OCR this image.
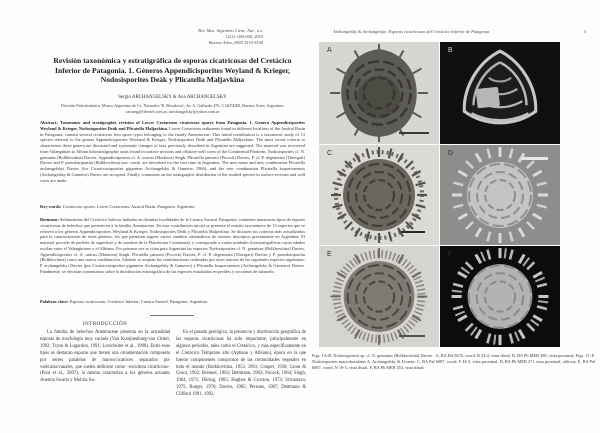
Rev. Mus. Argentino Cienc. Nat., n.s.
12(1): 000-000, 2010
Buenos Aires, ISSN 1514-5158
Archangelsky & Archangelsky: Esporas cicatricosas del Cretácico Inferior de Patagonia	3
Revisión taxonómica y estratigráfica de esporas cicatricosas del Cretácico Inferior de Patagonia. 1. Géneros Appendicisporites Weyland & Krieger, Nodosisporites Deák y Plicatella Maljavkina
Sergio ARCHANGELSKY & Ana ARCHANGELSKY
División Paleobotánica, Museo Argentino de Cs. Naturales 'B. Rivadavia', Av. A. Gallardo 470, C1405DJR, Buenos Aires, Argentina. sarcang@fibertel.com.ar, aarchangelsky@yahoo.com.ar

Abstract: Taxonomic and stratigraphic revision of Lower Cretaceous cicatricose spores from Patagonia. 1. Genera Appendicisporites Weyland & Krieger, Nodosisporites Deák and Plicatella Maljavkina.Lower Cretaceous sediments found in different localities of the Austral Basin in Patagonia, contain several cicatricose fern spore types belonging to the family Anemiaceae. This initial contribution is a taxonomic study of 13 species referred to the genera Appendicisporites Weyland & Krieger, Nodosisporites Deák and Plicatella Maljavkina. The most recent criteria to characterize these genera are discussed and systematic changes of taxa previously described in Argentina are suggested. The material was recovered from Valanginian to Albian lithostratigraphic units found in surface sections and offshore well cores of the Continental Platform. Nodosisporites cf. N. genuinus (Bolkhovitina) Davies, Appendicisporites cf. A. unicus (Markova) Singh, Plicatella jansonii (Pocock) Davies, P. cf. P. degenerata (Thiergart) Davies and P. pseudotripartita (Bolkhovitina) nov. comb. are described for the first time in Argentina. The new name and new combination Plicatella archangelskyi Davies (for Cicatricosisporites giganteus Archangelsky & Gamerro 1966), and the new combination Plicatella boqueronensis (Archangelsky & Gamerro) Davies are accepted. Finally, comments on the stratigraphic distribution of the studied species in surface sections and well cores are made.

Key words:Cicatricose spores, Lower Cretaceous, Austral Basin, Patagonia, Argentina.

Resumen:Sedimentitas del Cretácico Inferior halladas en distintas localidades de la Cuenca Austral, Patagonia, contienen numerosos tipos de esporas cicatricosas de helechos que pertenecen a la familia Anemiaceae. En esta contribución inicial se presenta el estudio taxonómico de 13 especies que se refieren a los géneros Appendicisporites Weyland & Krieger, Nodosisporites Deák y Plicatella Maljavkina. Se discuten los criterios más actualizados para la caracterización de estos géneros, los que permiten sugerir varios cambios sistemáticos de taxones descriptos previamente en Argentina. El material procede de perfiles de superficie y de sondeos de la Plataforma Continental, y corresponde a varias unidades litoestratigráficas cuyas edades oscilan entre el Valanginiano y el Albiano. Por primera vez se citan para Argentina las especies Nodosisporites cf. N. genuinus (Bolkhovitina) Davies, Appendicisporites cf. A. unicus (Markova) Singh, Plicatella jansonii (Pocock) Davies, P. cf. P. degenerata (Thiergart) Davies y P. pseudotripartita (Bolkhovitina) como una nueva combinación. Además se aceptan las combinaciones realizadas por otros autores de las siguientes especies argentinas: P. archangelskyi Davies (por Cicatricosisporites giganteus Archangelsky & Gamerro) y Plicatella boqueronensis (Archangelsky & Gamerro) Davies. Finalmente, se efectúan comentarios sobre la distribución estratigráfica de las especies estudiadas en perfiles y secciones de subsuelo.

Palabras clave:Esporas cicatricosas, Cretácico Inferior, Cuenca Austral, Patagonia, Argentina.

INTRODUCCIÓN

La familia de helechos Anemiaceae presenta en la actualidad esporas de morfología muy variada (Van Konijnenburg-van Cittert, 1992; Tryon & Lugardon, 1991; Lorscheiter et al., 1998). Entre esos tipos se destacan esporas que tienen una ornamentación compuesta por series paralelas de muros/cicatrices separados por valéculas/canales, que suelen definirse como –escultura cicatricosa– (Punt et al., 2007); la misma caracteriza a los géneros actuales Anemia Swartz y Mohria Sw.

En el pasado geológico, la presencia y distribución geográfica de las esporas cicatricosas ha sido importante, principalmente en algunos períodos, tales como el Cretácico, y más específicamente en el Cretácico Temprano alto (Aptiano y Albiano), época en la que fueron componentes conspicuos de las comunidades vegetales en todo el mundo (Bolkhovitina, 1953, 1961; Couper, 1958; Groot & Groot, 1962; Brenner, 1963; Dettmann, 1963; Pocock, 1964; Singh, 1964, 1971; Döring, 1965; Hughes & Croxton, 1973; Srivastava, 1975; Burger, 1976; Davies, 1985; Persons, 1987; Dettmann & Clifford 1991, 1992,

A	B
C	D
E	F

Figs. 1A-B. Nodosisporites sp. cf. N. genuinus (Bolkhovitina) Davies . A, BA Pal 5676, coord. R 33-2, vista distal. B, BA Pb MEB 388, vista proximal. Figs. 1C-F. Nodosisporites macrobaculatus A. Archangelsky & Llorens. C, BA Pal 6087, coord. F 44-3, vista proximal. D, BA Pb MEB 271 vista proximal, oblicua. E, BA Pal 6087, coord. N 19-3, vista distal. F, BA Pb MEB 353, vista distal.
